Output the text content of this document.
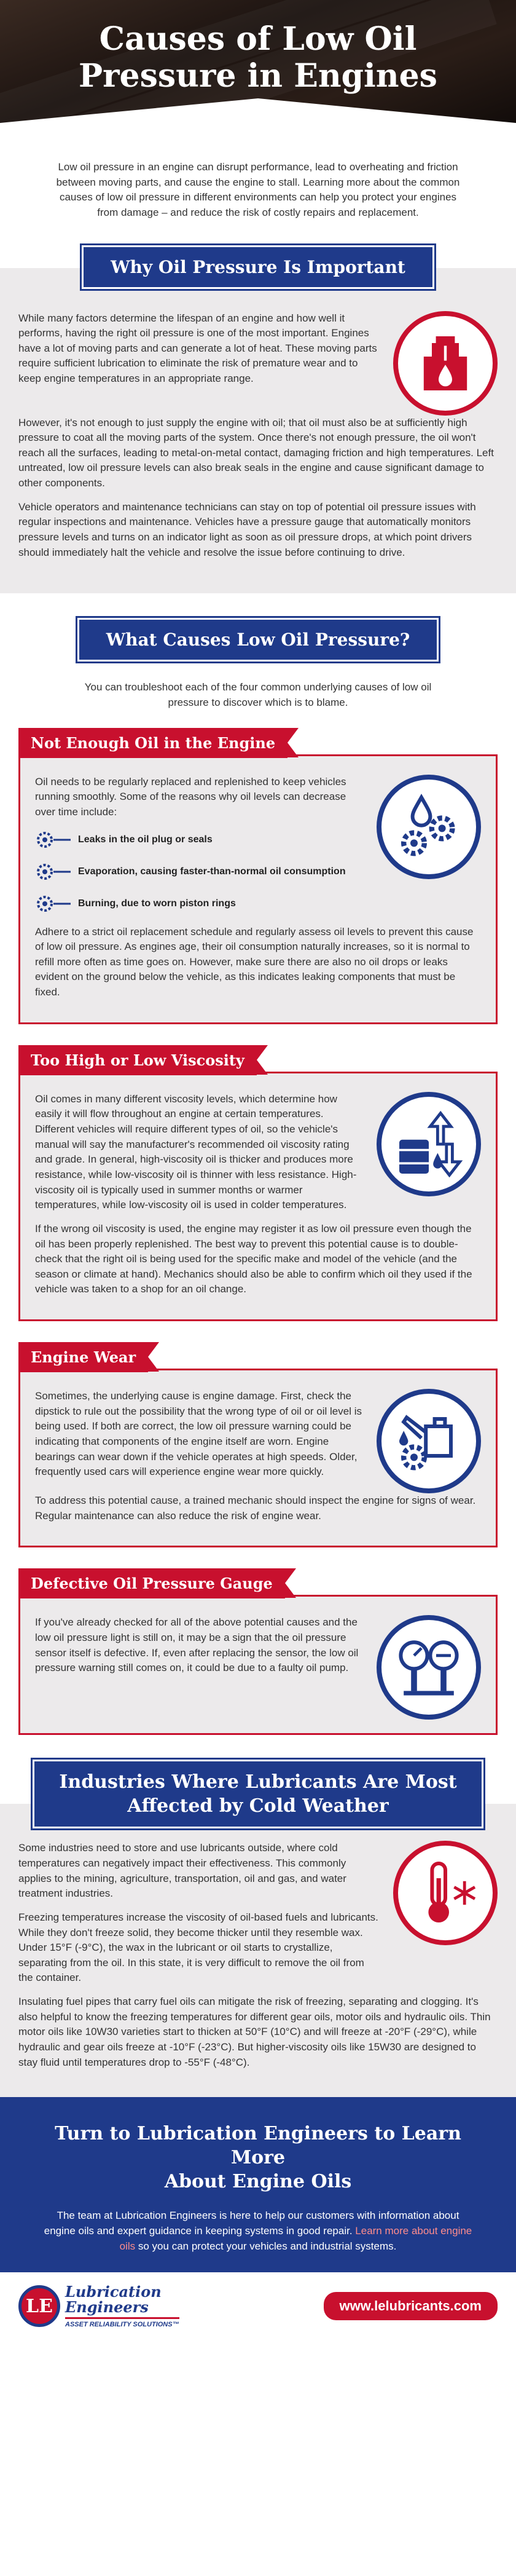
Causes of Low Oil
Pressure in Engines

Low oil pressure in an engine can disrupt performance, lead to overheating and friction between moving parts, and cause the engine to stall. Learning more about the common causes of low oil pressure in different environments can help you protect your engines from damage – and reduce the risk of costly repairs and replacement.

Why Oil Pressure Is Important

While many factors determine the lifespan of an engine and how well it performs, having the right oil pressure is one of the most important. Engines have a lot of moving parts and can generate a lot of heat. These moving parts require sufficient lubrication to eliminate the risk of premature wear and to keep engine temperatures in an appropriate range.

However, it's not enough to just supply the engine with oil; that oil must also be at sufficiently high pressure to coat all the moving parts of the system. Once there's not enough pressure, the oil won't reach all the surfaces, leading to metal-on-metal contact, damaging friction and high temperatures. Left untreated, low oil pressure levels can also break seals in the engine and cause significant damage to other components.

Vehicle operators and maintenance technicians can stay on top of potential oil pressure issues with regular inspections and maintenance. Vehicles have a pressure gauge that automatically monitors pressure levels and turns on an indicator light as soon as oil pressure drops, at which point drivers should immediately halt the vehicle and resolve the issue before continuing to drive.

What Causes Low Oil Pressure?

You can troubleshoot each of the four common underlying causes of low oil pressure to discover which is to blame.

Not Enough Oil in the Engine

Oil needs to be regularly replaced and replenished to keep vehicles running smoothly. Some of the reasons why oil levels can decrease over time include:

Leaks in the oil plug or seals
Evaporation, causing faster-than-normal oil consumption
Burning, due to worn piston rings

Adhere to a strict oil replacement schedule and regularly assess oil levels to prevent this cause of low oil pressure. As engines age, their oil consumption naturally increases, so it is normal to refill more often as time goes on. However, make sure there are also no oil drops or leaks evident on the ground below the vehicle, as this indicates leaking components that must be fixed.

Too High or Low Viscosity

Oil comes in many different viscosity levels, which determine how easily it will flow throughout an engine at certain temperatures. Different vehicles will require different types of oil, so the vehicle's manual will say the manufacturer's recommended oil viscosity rating and grade. In general, high-viscosity oil is thicker and produces more resistance, while low-viscosity oil is thinner with less resistance. High-viscosity oil is typically used in summer months or warmer temperatures, while low-viscosity oil is used in colder temperatures.

If the wrong oil viscosity is used, the engine may register it as low oil pressure even though the oil has been properly replenished. The best way to prevent this potential cause is to double-check that the right oil is being used for the specific make and model of the vehicle (and the season or climate at hand). Mechanics should also be able to confirm which oil they used if the vehicle was taken to a shop for an oil change.

Engine Wear

Sometimes, the underlying cause is engine damage. First, check the dipstick to rule out the possibility that the wrong type of oil or oil level is being used. If both are correct, the low oil pressure warning could be indicating that components of the engine itself are worn. Engine bearings can wear down if the vehicle operates at high speeds. Older, frequently used cars will experience engine wear more quickly.

To address this potential cause, a trained mechanic should inspect the engine for signs of wear. Regular maintenance can also reduce the risk of engine wear.

Defective Oil Pressure Gauge

If you've already checked for all of the above potential causes and the low oil pressure light is still on, it may be a sign that the oil pressure sensor itself is defective. If, even after replacing the sensor, the low oil pressure warning still comes on, it could be due to a faulty oil pump.

Industries Where Lubricants Are Most
Affected by Cold Weather

Some industries need to store and use lubricants outside, where cold temperatures can negatively impact their effectiveness. This commonly applies to the mining, agriculture, transportation, oil and gas, and water treatment industries.

Freezing temperatures increase the viscosity of oil-based fuels and lubricants. While they don't freeze solid, they become thicker until they resemble wax. Under 15°F (-9°C), the wax in the lubricant or oil starts to crystallize, separating from the oil. In this state, it is very difficult to remove the oil from the container.

Insulating fuel pipes that carry fuel oils can mitigate the risk of freezing, separating and clogging. It's also helpful to know the freezing temperatures for different gear oils, motor oils and hydraulic oils. Thin motor oils like 10W30 varieties start to thicken at 50°F (10°C) and will freeze at -20°F (-29°C), while hydraulic and gear oils freeze at -10°F (-23°C). But higher-viscosity oils like 15W30 are designed to stay fluid until temperatures drop to -55°F (-48°C).

Turn to Lubrication Engineers to Learn More
About Engine Oils

The team at Lubrication Engineers is here to help our customers with information about engine oils and expert guidance in keeping systems in good repair. Learn more about engine oils so you can protect your vehicles and industrial systems.

LE
Lubrication
Engineers
ASSET RELIABILITY SOLUTIONS™
www.lelubricants.com
